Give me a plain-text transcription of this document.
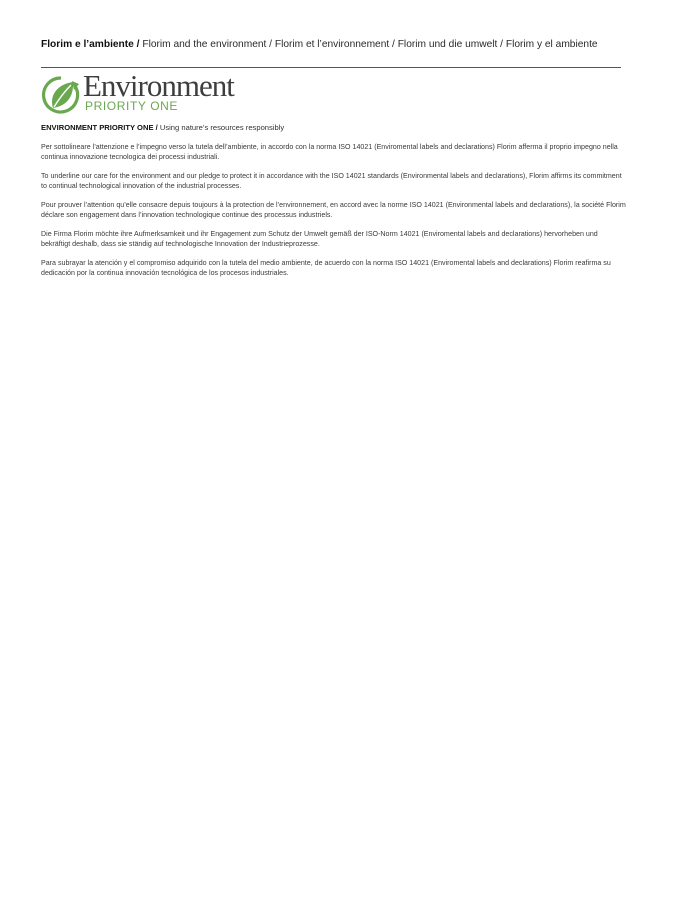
Florim e l’ambiente / Florim and the environment / Florim et l’environnement / Florim und die umwelt / Florim y el ambiente
Environment
PRIORITY ONE
ENVIRONMENT PRIORITY ONE / Using nature’s resources responsibly

Per sottolineare l’attenzione e l’impegno verso la tutela dell’ambiente, in accordo con la norma ISO 14021 (Enviromental labels and declarations) Florim afferma il proprio impegno nella continua innovazione tecnologica dei processi industriali.

To underline our care for the environment and our pledge to protect it in accordance with the ISO 14021 standards (Environmental labels and declarations), Florim affirms its commitment to continual technological innovation of the industrial processes.

Pour prouver l’attention qu’elle consacre depuis toujours à la protection de l’environnement, en accord avec la norme ISO 14021 (Environmental labels and declarations), la société Florim déclare son engagement dans l’innovation technologique continue des processus industriels.

Die Firma Florim möchte ihre Aufmerksamkeit und ihr Engagement zum Schutz der Umwelt gemäß der ISO-Norm 14021 (Enviromental labels and declarations) hervorheben und bekräftigt deshalb, dass sie ständig auf technologische Innovation der Industrieprozesse.

Para subrayar la atención y el compromiso adquirido con la tutela del medio ambiente, de acuerdo con la norma ISO 14021 (Enviromental labels and declarations) Florim reafirma su dedicación por la continua innovación tecnológica de los procesos industriales.
